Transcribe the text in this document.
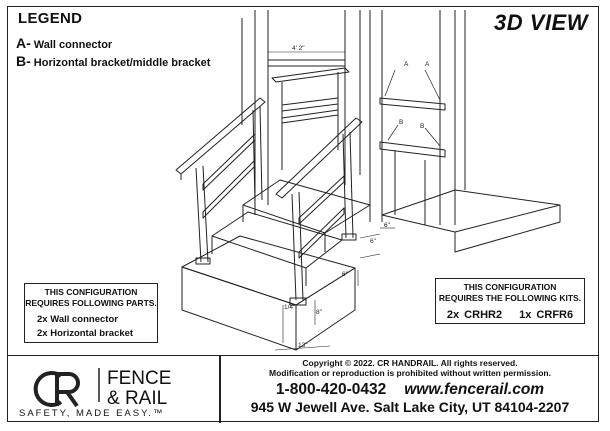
LEGEND
A- Wall connector
B- Horizontal bracket/middle bracket
3D VIEW
4' 2"
6"
6"
6"
8"
1/4"
13"
A	A
B
B
THIS CONFIGURATION
REQUIRES FOLLOWING PARTS.
2x Wall connector
2x Horizontal bracket
THIS CONFIGURATION
REQUIRES THE FOLLOWING KITS.
2x CRHR2 1x CRFR6
FENCE
& RAIL
SAFETY, MADE EASY.™
Copyright © 2022. CR HANDRAIL. All rights reserved.
Modification or reproduction is prohibited without written permission.
1-800-420-0432 www.fencerail.com
945 W Jewell Ave. Salt Lake City, UT 84104-2207
